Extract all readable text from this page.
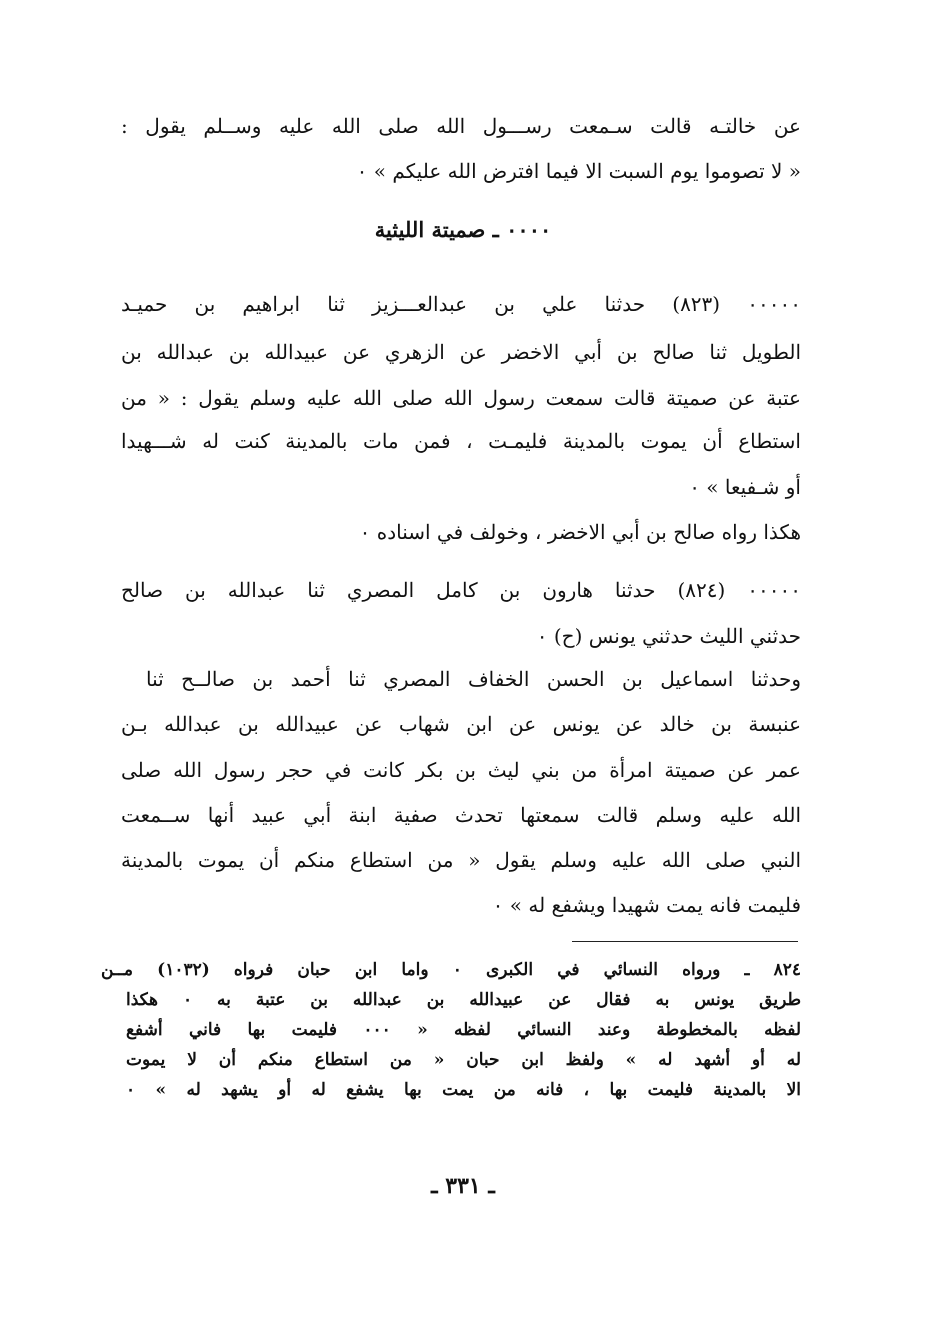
عن خالتـه قالت سـمعت رســـول الله صلى الله عليه وســلم يقول :
« لا تصوموا يوم السبت الا فيما افترض الله عليكم » ٠
٠٠٠٠ ـ صميتة الليثية
٠٠٠٠٠ (٨٢٣) حدثنا علي بن عبدالعـــزيز ثنا ابراهيم بن حميـد
الطويل ثنا صالح بن أبي الاخضر عن الزهري عن عبيدالله بن عبدالله بن
عتبة عن صميتة قالت سمعت رسول الله صلى الله عليه وسلم يقول : « من
استطاع أن يموت بالمدينة فليمـت ، فمن مات بالمدينة كنت له شـــهيدا
أو شـفيعا » ٠
هكذا رواه صالح بن أبي الاخضر ، وخولف في اسناده ٠
٠٠٠٠٠ (٨٢٤) حدثنا هارون بن كامل المصري ثنا عبدالله بن صالح
حدثني الليث حدثني يونس (ح) ٠
وحدثنا اسماعيل بن الحسن الخفاف المصري ثنا أحمد بن صالــح ثنا
عنبسة بن خالد عن يونس عن ابن شهاب عن عبيدالله بن عبدالله بـن
عمر عن صميتة امرأة من بني ليث بن بكر كانت في حجر رسول الله صلى
الله عليه وسلم قالت سمعتها تحدث صفية ابنة أبي عبيد أنها ســمعت
النبي صلى الله عليه وسلم يقول « من استطاع منكم أن يموت بالمدينة
فليمت فانه يمت شهيدا ويشفع له » ٠
٨٢٤ ـ ورواه النسائي في الكبرى ٠ واما ابن حبان فرواه (١٠٣٢) مــن
طريق يونس به فقال عن عبيدالله بن عبدالله بن عتبة به ٠ هكذا
لفظه بالمخطوطة وعند النسائي لفظه « ٠٠٠ فليمت بها فاني أشفع
له أو أشهد له » ولفظ ابن حبان « من استطاع منكم أن لا يموت
الا بالمدينة فليمت بها ، فانه من يمت بها يشفع له أو يشهد له » ٠
ـ ٣٣١ ـ
